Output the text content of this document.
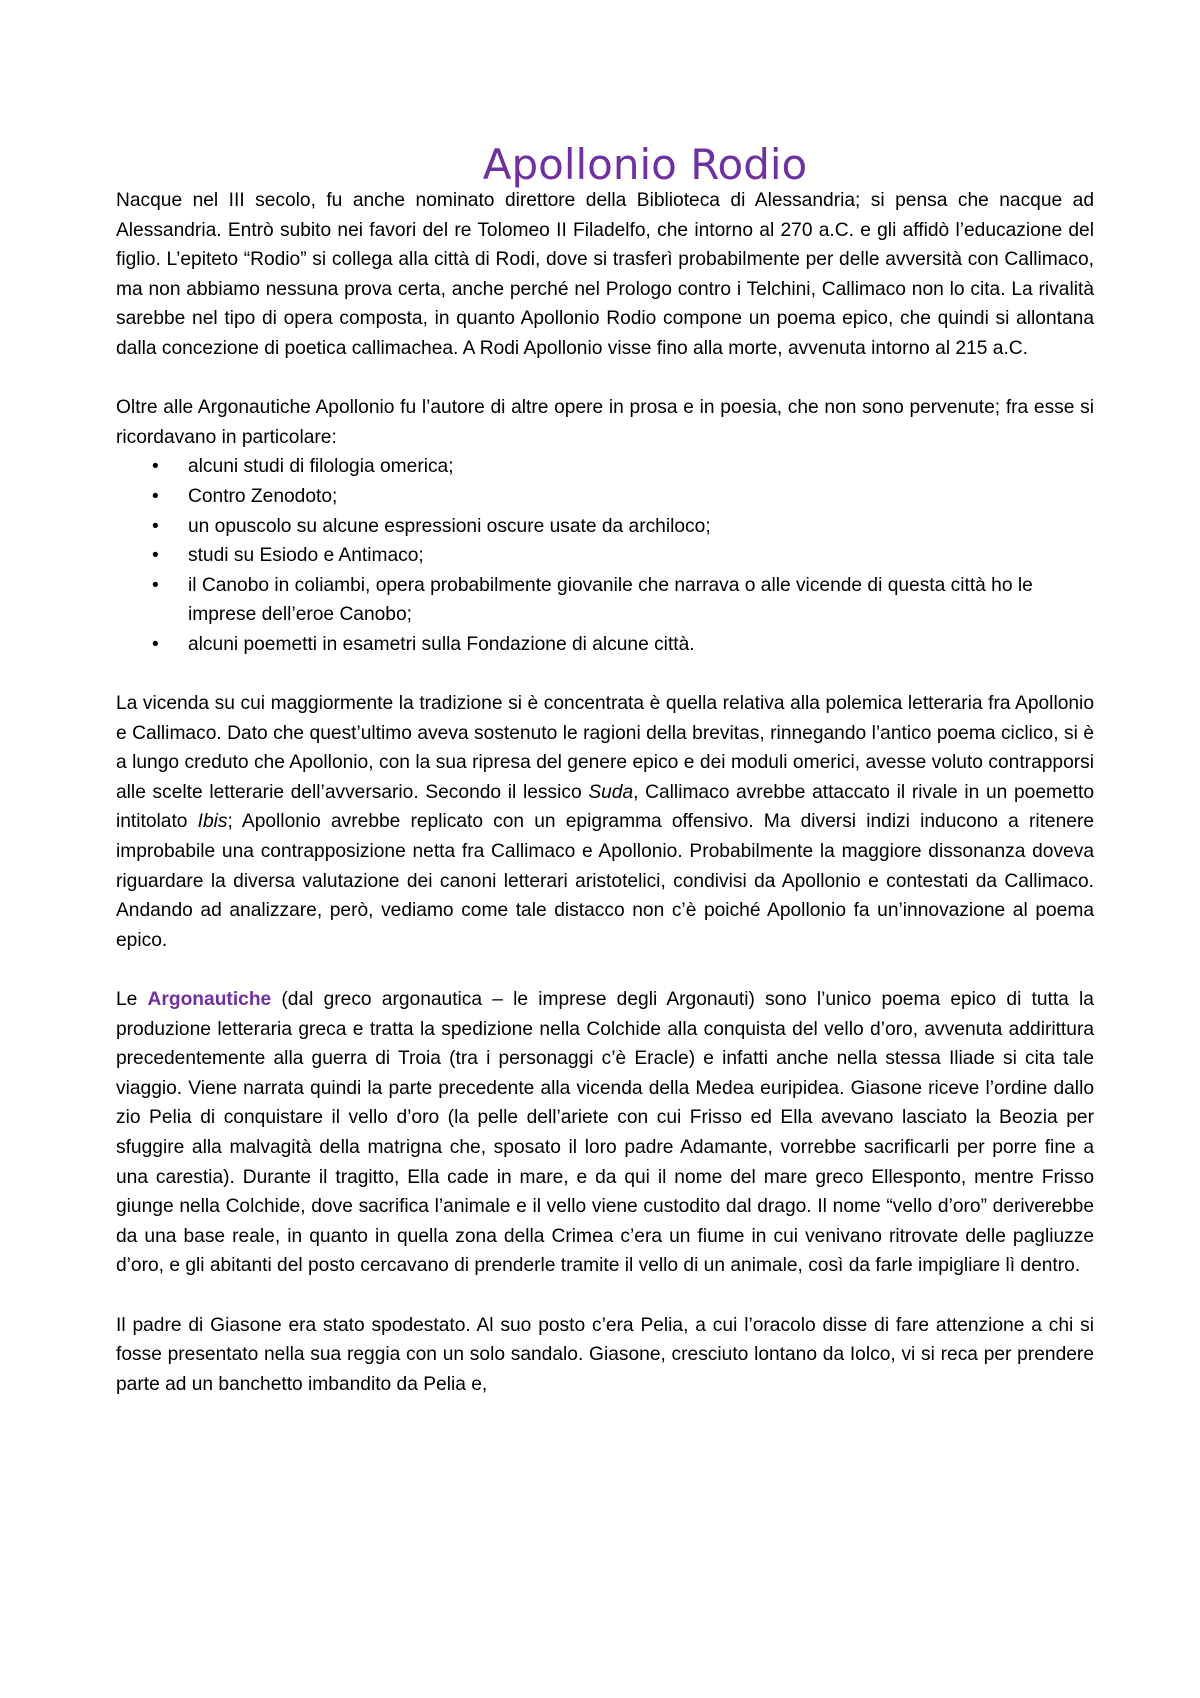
Apollonio Rodio

Nacque nel III secolo, fu anche nominato direttore della Biblioteca di Alessandria; si pensa che nacque ad Alessandria. Entrò subito nei favori del re Tolomeo II Filadelfo, che intorno al 270 a.C. e gli affidò l’educazione del figlio. L’epiteto “Rodio” si collega alla città di Rodi, dove si trasferì probabilmente per delle avversità con Callimaco, ma non abbiamo nessuna prova certa, anche perché nel Prologo contro i Telchini, Callimaco non lo cita. La rivalità sarebbe nel tipo di opera composta, in quanto Apollonio Rodio compone un poema epico, che quindi si allontana dalla concezione di poetica callimachea. A Rodi Apollonio visse fino alla morte, avvenuta intorno al 215 a.C.

Oltre alle Argonautiche Apollonio fu l’autore di altre opere in prosa e in poesia, che non sono pervenute; fra esse si ricordavano in particolare:

• alcuni studi di filologia omerica;
• Contro Zenodoto;
• un opuscolo su alcune espressioni oscure usate da archiloco;
• studi su Esiodo e Antimaco;
• il Canobo in coliambi, opera probabilmente giovanile che narrava o alle vicende di questa città ho le imprese dell’eroe Canobo;
• alcuni poemetti in esametri sulla Fondazione di alcune città.

La vicenda su cui maggiormente la tradizione si è concentrata è quella relativa alla polemica letteraria fra Apollonio e Callimaco. Dato che quest’ultimo aveva sostenuto le ragioni della brevitas, rinnegando l’antico poema ciclico, si è a lungo creduto che Apollonio, con la sua ripresa del genere epico e dei moduli omerici, avesse voluto contrapporsi alle scelte letterarie dell’avversario. Secondo il lessico Suda, Callimaco avrebbe attaccato il rivale in un poemetto intitolato Ibis; Apollonio avrebbe replicato con un epigramma offensivo. Ma diversi indizi inducono a ritenere improbabile una contrapposizione netta fra Callimaco e Apollonio. Probabilmente la maggiore dissonanza doveva riguardare la diversa valutazione dei canoni letterari aristotelici, condivisi da Apollonio e contestati da Callimaco. Andando ad analizzare, però, vediamo come tale distacco non c’è poiché Apollonio fa un’innovazione al poema epico.

Le Argonautiche (dal greco argonautica – le imprese degli Argonauti) sono l’unico poema epico di tutta la produzione letteraria greca e tratta la spedizione nella Colchide alla conquista del vello d’oro, avvenuta addirittura precedentemente alla guerra di Troia (tra i personaggi c’è Eracle) e infatti anche nella stessa Iliade si cita tale viaggio. Viene narrata quindi la parte precedente alla vicenda della Medea euripidea. Giasone riceve l’ordine dallo zio Pelia di conquistare il vello d’oro (la pelle dell’ariete con cui Frisso ed Ella avevano lasciato la Beozia per sfuggire alla malvagità della matrigna che, sposato il loro padre Adamante, vorrebbe sacrificarli per porre fine a una carestia). Durante il tragitto, Ella cade in mare, e da qui il nome del mare greco Ellesponto, mentre Frisso giunge nella Colchide, dove sacrifica l’animale e il vello viene custodito dal drago. Il nome “vello d’oro” deriverebbe da una base reale, in quanto in quella zona della Crimea c’era un fiume in cui venivano ritrovate delle pagliuzze d’oro, e gli abitanti del posto cercavano di prenderle tramite il vello di un animale, così da farle impigliare lì dentro.

Il padre di Giasone era stato spodestato. Al suo posto c’era Pelia, a cui l’oracolo disse di fare attenzione a chi si fosse presentato nella sua reggia con un solo sandalo. Giasone, cresciuto lontano da Iolco, vi si reca per prendere parte ad un banchetto imbandito da Pelia e,
